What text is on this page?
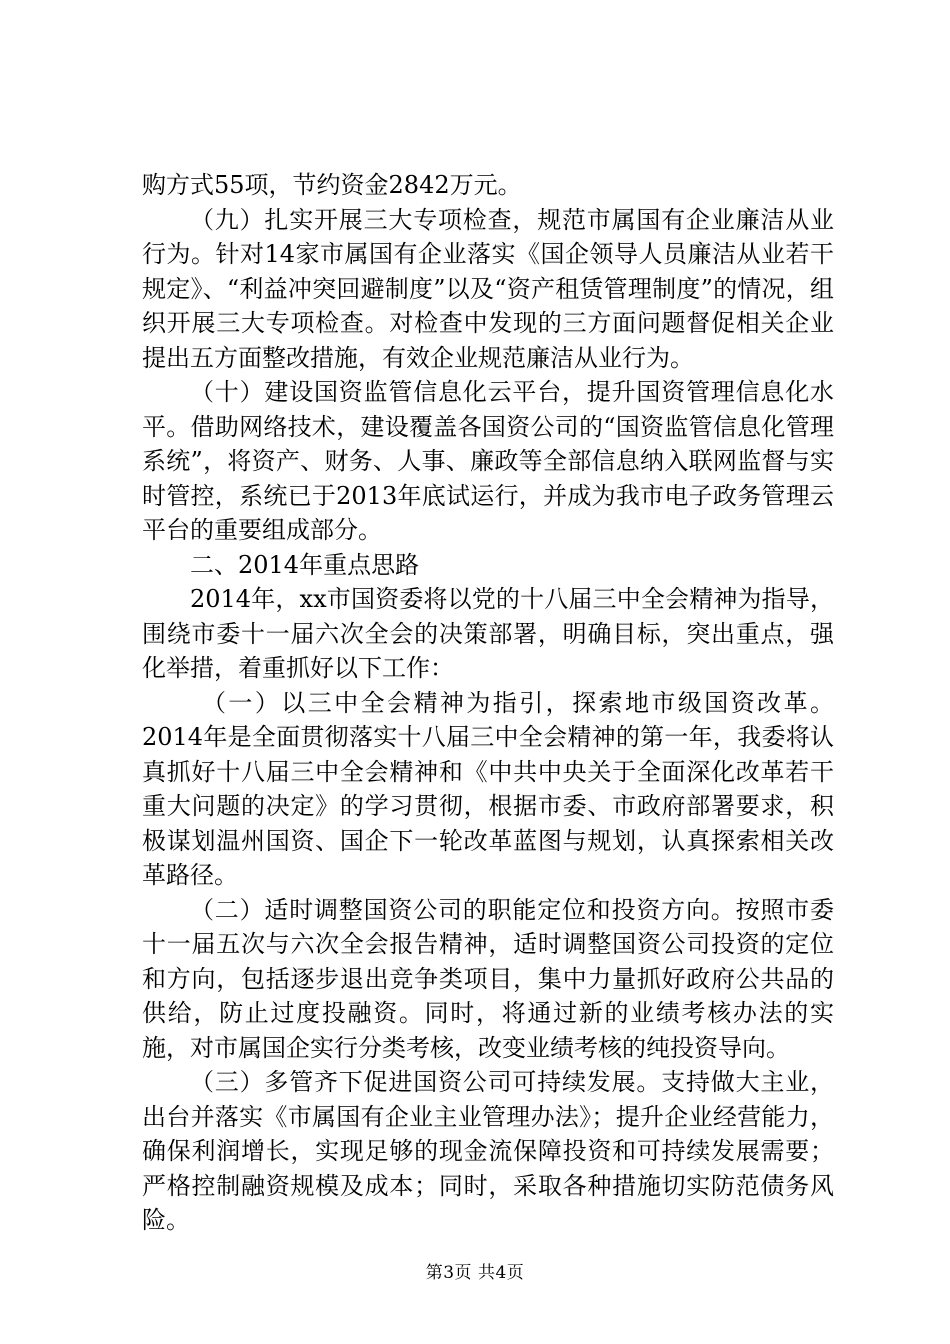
购方式55项，节约资金2842万元。

（九）扎实开展三大专项检查，规范市属国有企业廉洁从业行为。针对14家市属国有企业落实《国企领导人员廉洁从业若干规定》、“利益冲突回避制度”以及“资产租赁管理制度”的情况，组织开展三大专项检查。对检查中发现的三方面问题督促相关企业提出五方面整改措施，有效企业规范廉洁从业行为。

（十）建设国资监管信息化云平台，提升国资管理信息化水平。借助网络技术，建设覆盖各国资公司的“国资监管信息化管理系统”，将资产、财务、人事、廉政等全部信息纳入联网监督与实时管控，系统已于2013年底试运行，并成为我市电子政务管理云平台的重要组成部分。

二、2014年重点思路

2014年，xx市国资委将以党的十八届三中全会精神为指导，围绕市委十一届六次全会的决策部署，明确目标，突出重点，强化举措，着重抓好以下工作：

（一）以三中全会精神为指引，探索地市级国资改革。2014年是全面贯彻落实十八届三中全会精神的第一年，我委将认真抓好十八届三中全会精神和《中共中央关于全面深化改革若干重大问题的决定》的学习贯彻，根据市委、市政府部署要求，积极谋划温州国资、国企下一轮改革蓝图与规划，认真探索相关改革路径。

（二）适时调整国资公司的职能定位和投资方向。按照市委十一届五次与六次全会报告精神，适时调整国资公司投资的定位和方向，包括逐步退出竞争类项目，集中力量抓好政府公共品的供给，防止过度投融资。同时，将通过新的业绩考核办法的实施，对市属国企实行分类考核，改变业绩考核的纯投资导向。

（三）多管齐下促进国资公司可持续发展。支持做大主业，出台并落实《市属国有企业主业管理办法》；提升企业经营能力，确保利润增长，实现足够的现金流保障投资和可持续发展需要；严格控制融资规模及成本；同时，采取各种措施切实防范债务风险。

第3页 共4页
